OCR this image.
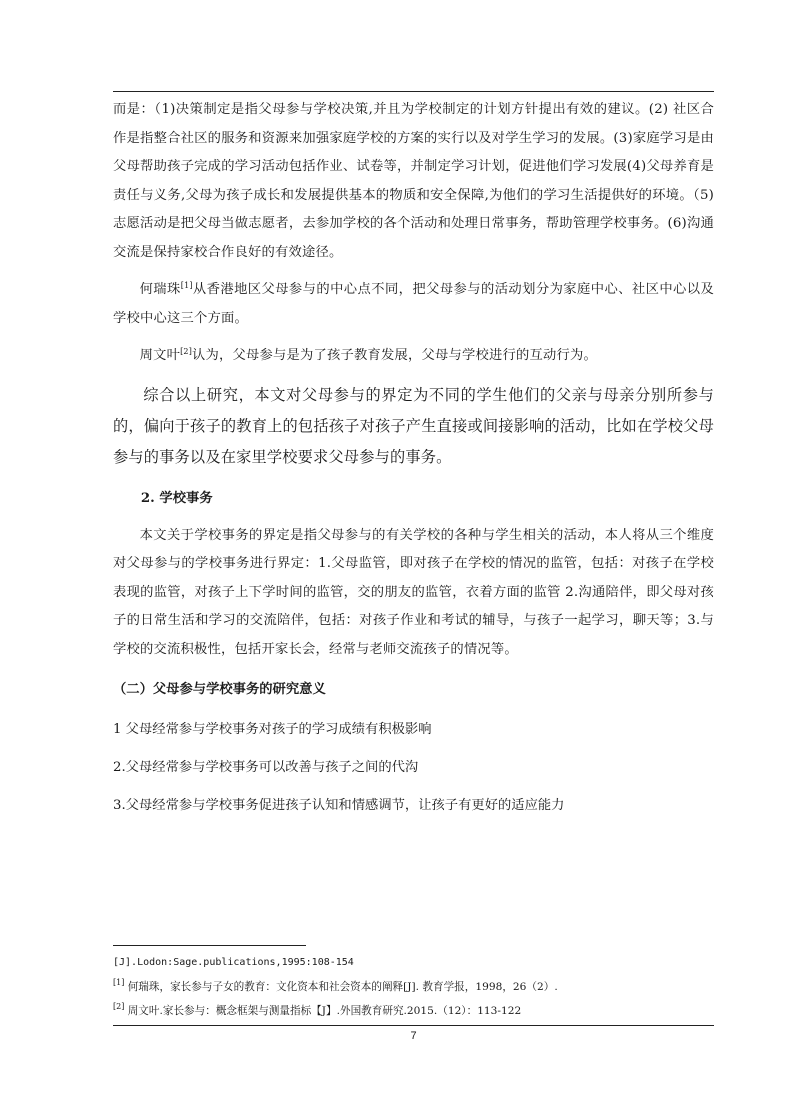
而是：（1)决策制定是指父母参与学校决策,并且为学校制定的计划方针提出有效的建议。(2) 社区合作是指整合社区的服务和资源来加强家庭学校的方案的实行以及对学生学习的发展。(3)家庭学习是由父母帮助孩子完成的学习活动包括作业、试卷等，并制定学习计划，促进他们学习发展(4)父母养育是责任与义务,父母为孩子成长和发展提供基本的物质和安全保障,为他们的学习生活提供好的环境。（5)志愿活动是把父母当做志愿者，去参加学校的各个活动和处理日常事务，帮助管理学校事务。(6)沟通交流是保持家校合作良好的有效途径。

何瑞珠[1]从香港地区父母参与的中心点不同，把父母参与的活动划分为家庭中心、社区中心以及学校中心这三个方面。

周文叶[2]认为，父母参与是为了孩子教育发展，父母与学校进行的互动行为。

综合以上研究，本文对父母参与的界定为不同的学生他们的父亲与母亲分别所参与的，偏向于孩子的教育上的包括孩子对孩子产生直接或间接影响的活动，比如在学校父母参与的事务以及在家里学校要求父母参与的事务。

2. 学校事务

本文关于学校事务的界定是指父母参与的有关学校的各种与学生相关的活动，本人将从三个维度对父母参与的学校事务进行界定：1.父母监管，即对孩子在学校的情况的监管，包括：对孩子在学校表现的监管，对孩子上下学时间的监管，交的朋友的监管，衣着方面的监管 2.沟通陪伴，即父母对孩子的日常生活和学习的交流陪伴，包括：对孩子作业和考试的辅导，与孩子一起学习，聊天等；3.与学校的交流积极性，包括开家长会，经常与老师交流孩子的情况等。

（二）父母参与学校事务的研究意义

1 父母经常参与学校事务对孩子的学习成绩有积极影响

2.父母经常参与学校事务可以改善与孩子之间的代沟

3.父母经常参与学校事务促进孩子认知和情感调节，让孩子有更好的适应能力

[J].Lodon:Sage.publications,1995:108-154

[1] 何瑞珠，家长参与子女的教育：文化资本和社会资本的阐释[J]. 教育学报，1998，26（2）.

[2] 周文叶.家长参与：概念框架与测量指标【J】.外国教育研究.2015.（12）：113-122

7
